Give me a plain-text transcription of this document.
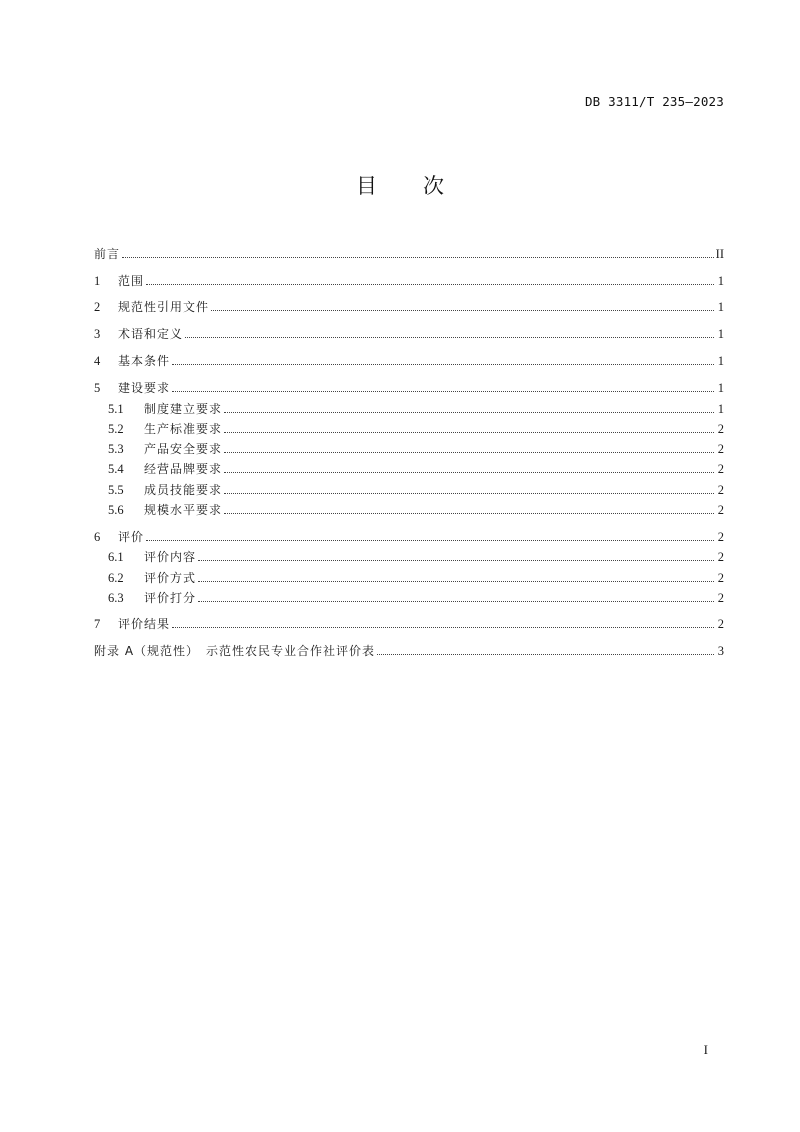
DB 3311/T 235—2023
目 次
前言	II
1	范围	1
2	规范性引用文件	1
3	术语和定义	1
4	基本条件	1
5	建设要求	1
5.1	制度建立要求	1
5.2	生产标准要求	2
5.3	产品安全要求	2
5.4	经营品牌要求	2
5.5	成员技能要求	2
5.6	规模水平要求	2
6	评价	2
6.1	评价内容	2
6.2	评价方式	2
6.3	评价打分	2
7	评价结果	2
附录 A（规范性）　示范性农民专业合作社评价表	3
I
